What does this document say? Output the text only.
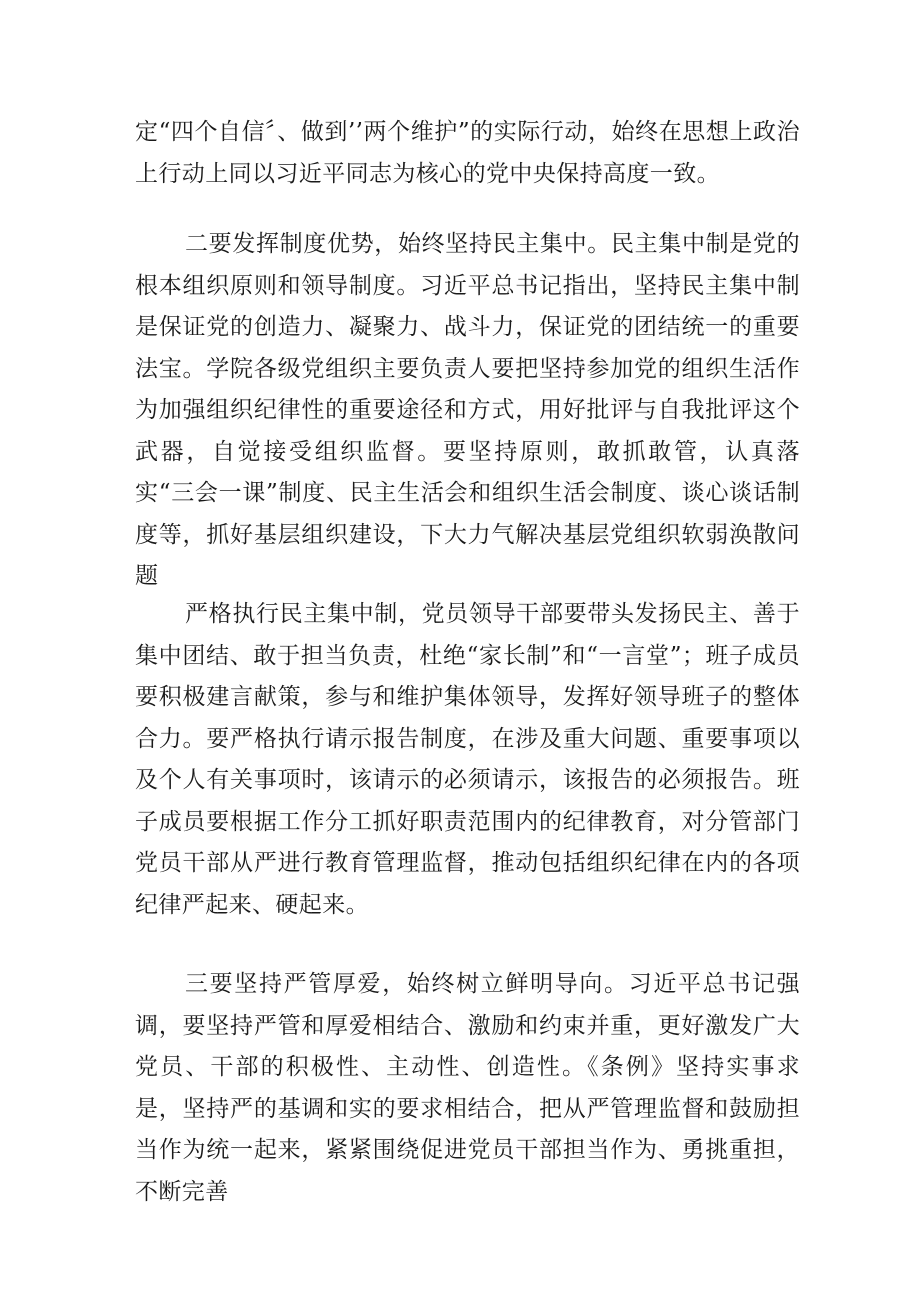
定“四个自信〞、做到’’两个维护”的实际行动，始终在思想上政治上行动上同以习近平同志为核心的党中央保持高度一致。

二要发挥制度优势，始终坚持民主集中。民主集中制是党的根本组织原则和领导制度。习近平总书记指出，坚持民主集中制是保证党的创造力、凝聚力、战斗力，保证党的团结统一的重要法宝。学院各级党组织主要负责人要把坚持参加党的组织生活作为加强组织纪律性的重要途径和方式，用好批评与自我批评这个武器，自觉接受组织监督。要坚持原则，敢抓敢管，认真落实“三会一课”制度、民主生活会和组织生活会制度、谈心谈话制度等，抓好基层组织建设，下大力气解决基层党组织软弱涣散问题

严格执行民主集中制，党员领导干部要带头发扬民主、善于集中团结、敢于担当负责，杜绝“家长制”和“一言堂”；班子成员要积极建言献策，参与和维护集体领导，发挥好领导班子的整体合力。要严格执行请示报告制度，在涉及重大问题、重要事项以及个人有关事项时，该请示的必须请示，该报告的必须报告。班子成员要根据工作分工抓好职责范围内的纪律教育，对分管部门党员干部从严进行教育管理监督，推动包括组织纪律在内的各项纪律严起来、硬起来。

三要坚持严管厚爱，始终树立鲜明导向。习近平总书记强调，要坚持严管和厚爱相结合、激励和约束并重，更好激发广大党员、干部的积极性、主动性、创造性。《条例》坚持实事求是，坚持严的基调和实的要求相结合，把从严管理监督和鼓励担当作为统一起来，紧紧围绕促进党员干部担当作为、勇挑重担，不断完善
